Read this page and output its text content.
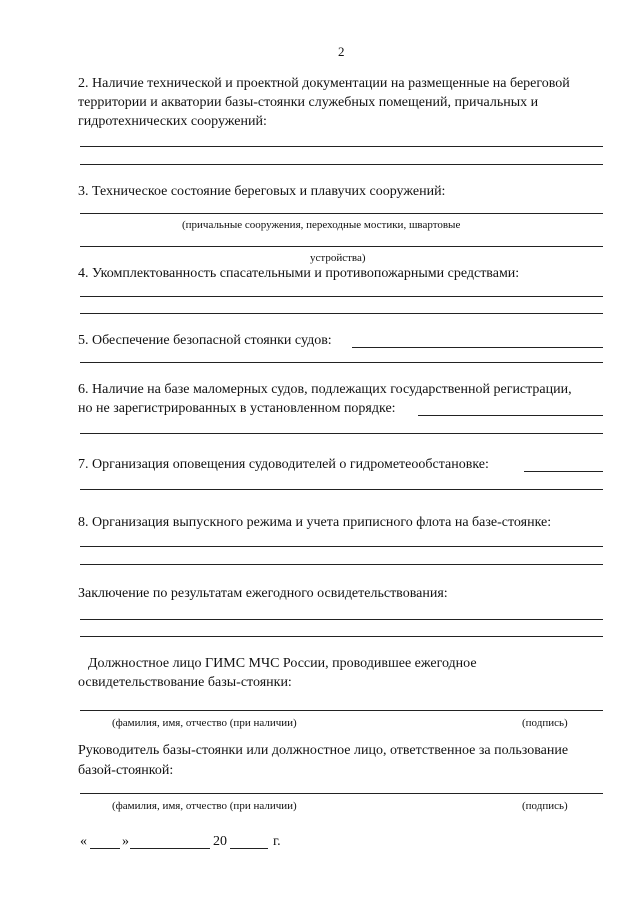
2
2. Наличие технической и проектной документации на размещенные на береговой
территории и акватории базы-стоянки служебных помещений, причальных и
гидротехнических сооружений:
3. Техническое состояние береговых и плавучих сооружений:
(причальные сооружения, переходные мостики, швартовые
устройства)
4. Укомплектованность спасательными и противопожарными средствами:
5. Обеспечение безопасной стоянки судов:
6. Наличие на базе маломерных судов, подлежащих государственной регистрации,
но не зарегистрированных в установленном порядке:
7. Организация оповещения судоводителей о гидрометеообстановке:
8. Организация выпускного режима и учета приписного флота на базе-стоянке:
Заключение по результатам ежегодного освидетельствования:
Должностное лицо ГИМС МЧС России, проводившее ежегодное
освидетельствование базы-стоянки:
(фамилия, имя, отчество (при наличии)	(подпись)
Руководитель базы-стоянки или должностное лицо, ответственное за пользование
базой-стоянкой:
(фамилия, имя, отчество (при наличии)	(подпись)
«	»	20	г.
